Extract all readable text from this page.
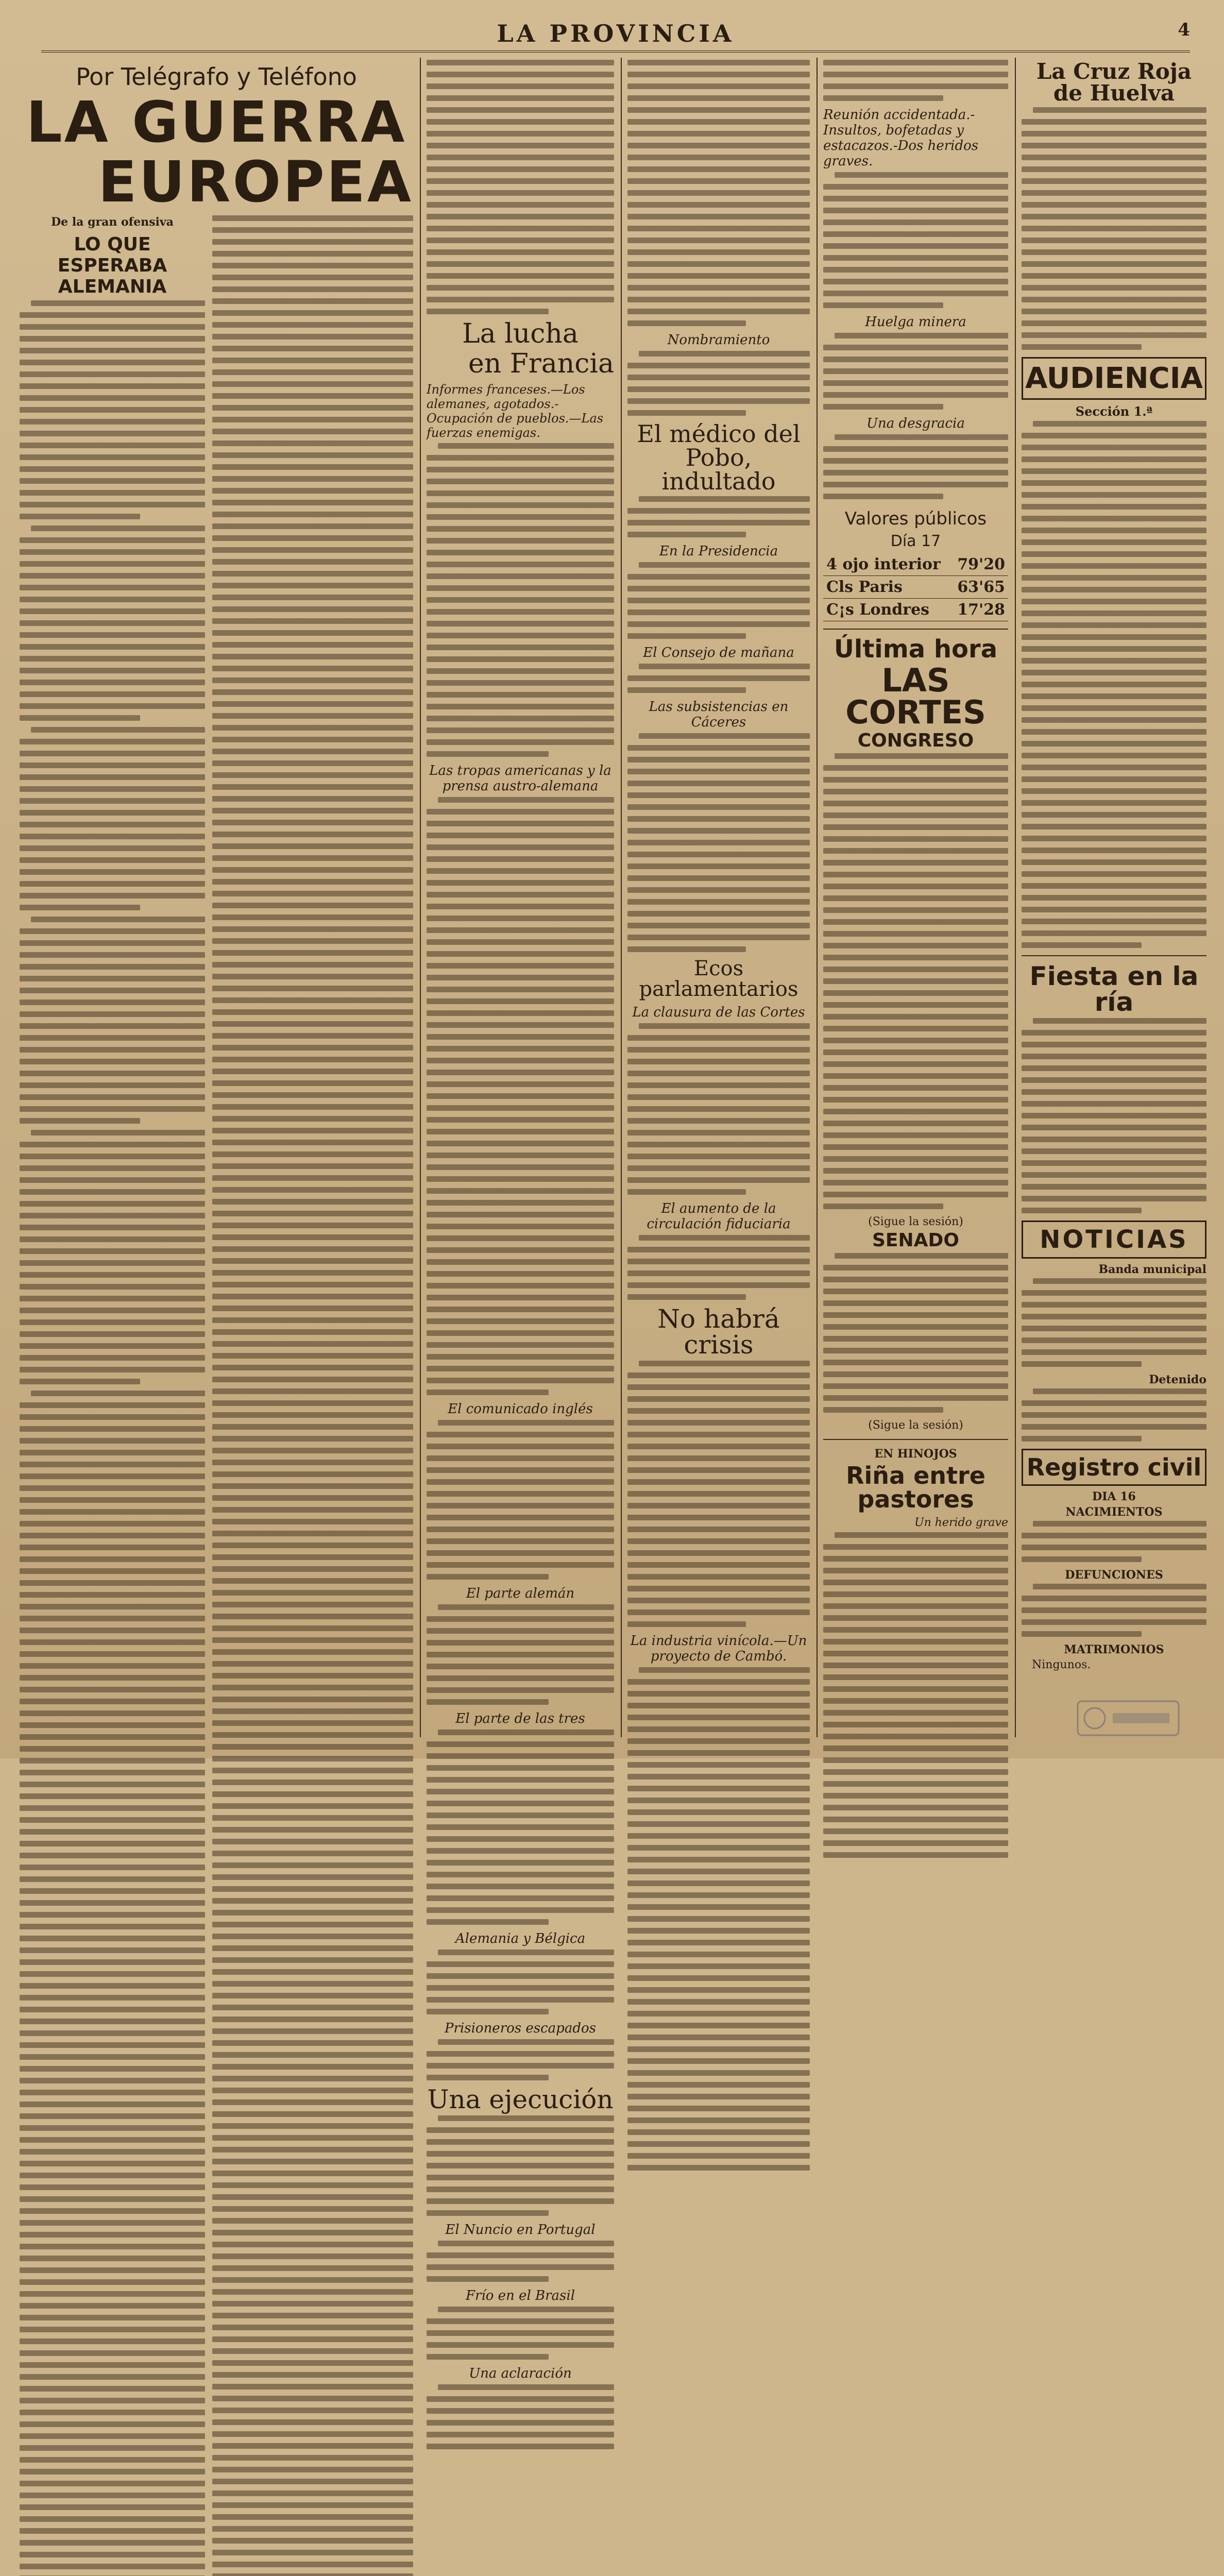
LA PROVINCIA	4
Por Telégrafo y Teléfono
LA GUERRA
EUROPEA
De la gran ofensiva
LO QUE ESPERABA ALEMANIA
La lucha
en Francia
Informes franceses.—Los alemanes, agotados.-Ocupación de pueblos.—Las fuerzas enemigas.
Las tropas americanas y la prensa austro-alemana
El comunicado inglés
El parte alemán
El parte de las tres
Alemania y Bélgica
Prisioneros escapados
Una ejecución
El Nuncio en Portugal
Frío en el Brasil
Una aclaración
Nombramiento
El médico del Pobo, indultado
En la Presidencia
El Consejo de mañana
Las subsistencias en Cáceres
Ecos parlamentarios
La clausura de las Cortes
El aumento de la circulación fiduciaria
No habrá crisis
La industria vinícola.—Un proyecto de Cambó.
Reunión accidentada.-Insultos, bofetadas y estacazos.-Dos heridos graves.
Huelga minera
Una desgracia
Valores públicos
Día 17
4 ojo interior 79'20
Cls Paris	63'65
C¡s Londres 17'28
Última hora
LAS CORTES
CONGRESO
(Sigue la sesión)
SENADO
(Sigue la sesión)
EN HINOJOS
Riña entre pastores
Un herido grave
La Cruz Roja de Huelva
AUDIENCIA
Sección 1.ª
Fiesta en la ría
NOTICIAS
Banda municipal
Detenido
Registro civil
DIA 16
NACIMIENTOS
DEFUNCIONES
MATRIMONIOS
Ningunos.
